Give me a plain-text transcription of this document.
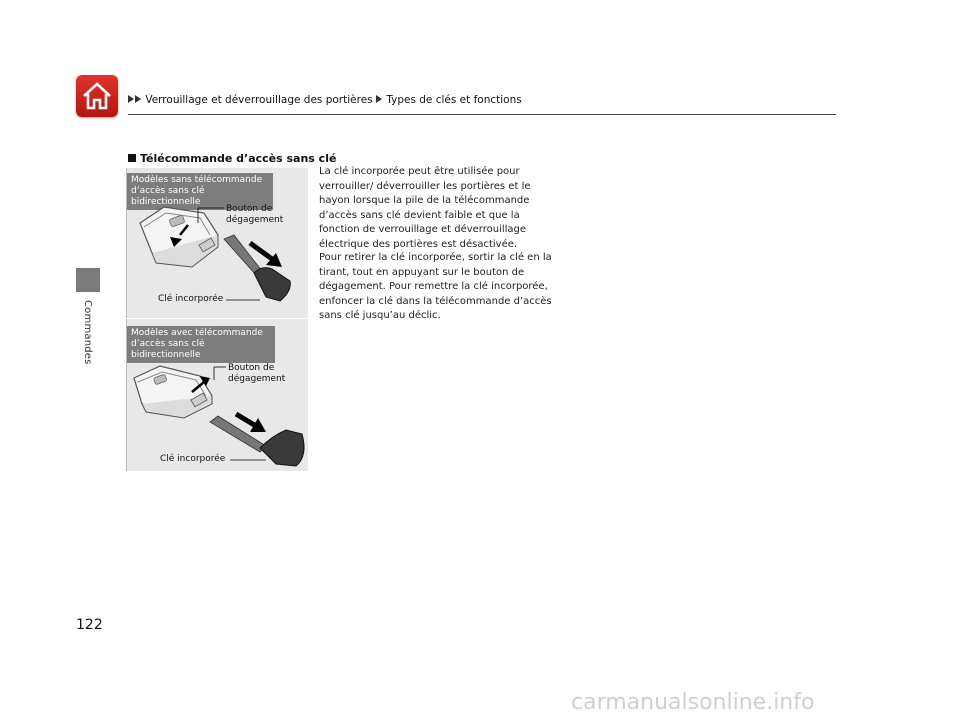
Verrouillage et déverrouillage des portières Types de clés et fonctions
Commandes
122
Télécommande d’accès sans clé
Modèles sans télécommande
d’accès sans clé bidirectionnelle
Modèles avec télécommande
d’accès sans clé bidirectionnelle
Bouton de
dégagement
Clé incorporée
Bouton de
dégagement
Clé incorporée
La clé incorporée peut être utilisée pour verrouiller/ déverrouiller les portières et le hayon lorsque la pile de la télécommande d’accès sans clé devient faible et que la fonction de verrouillage et déverrouillage électrique des portières est désactivée.
Pour retirer la clé incorporée, sortir la clé en la tirant, tout en appuyant sur le bouton de dégagement. Pour remettre la clé incorporée, enfoncer la clé dans la télécommande d’accès sans clé jusqu’au déclic.
carmanualsonline.info
